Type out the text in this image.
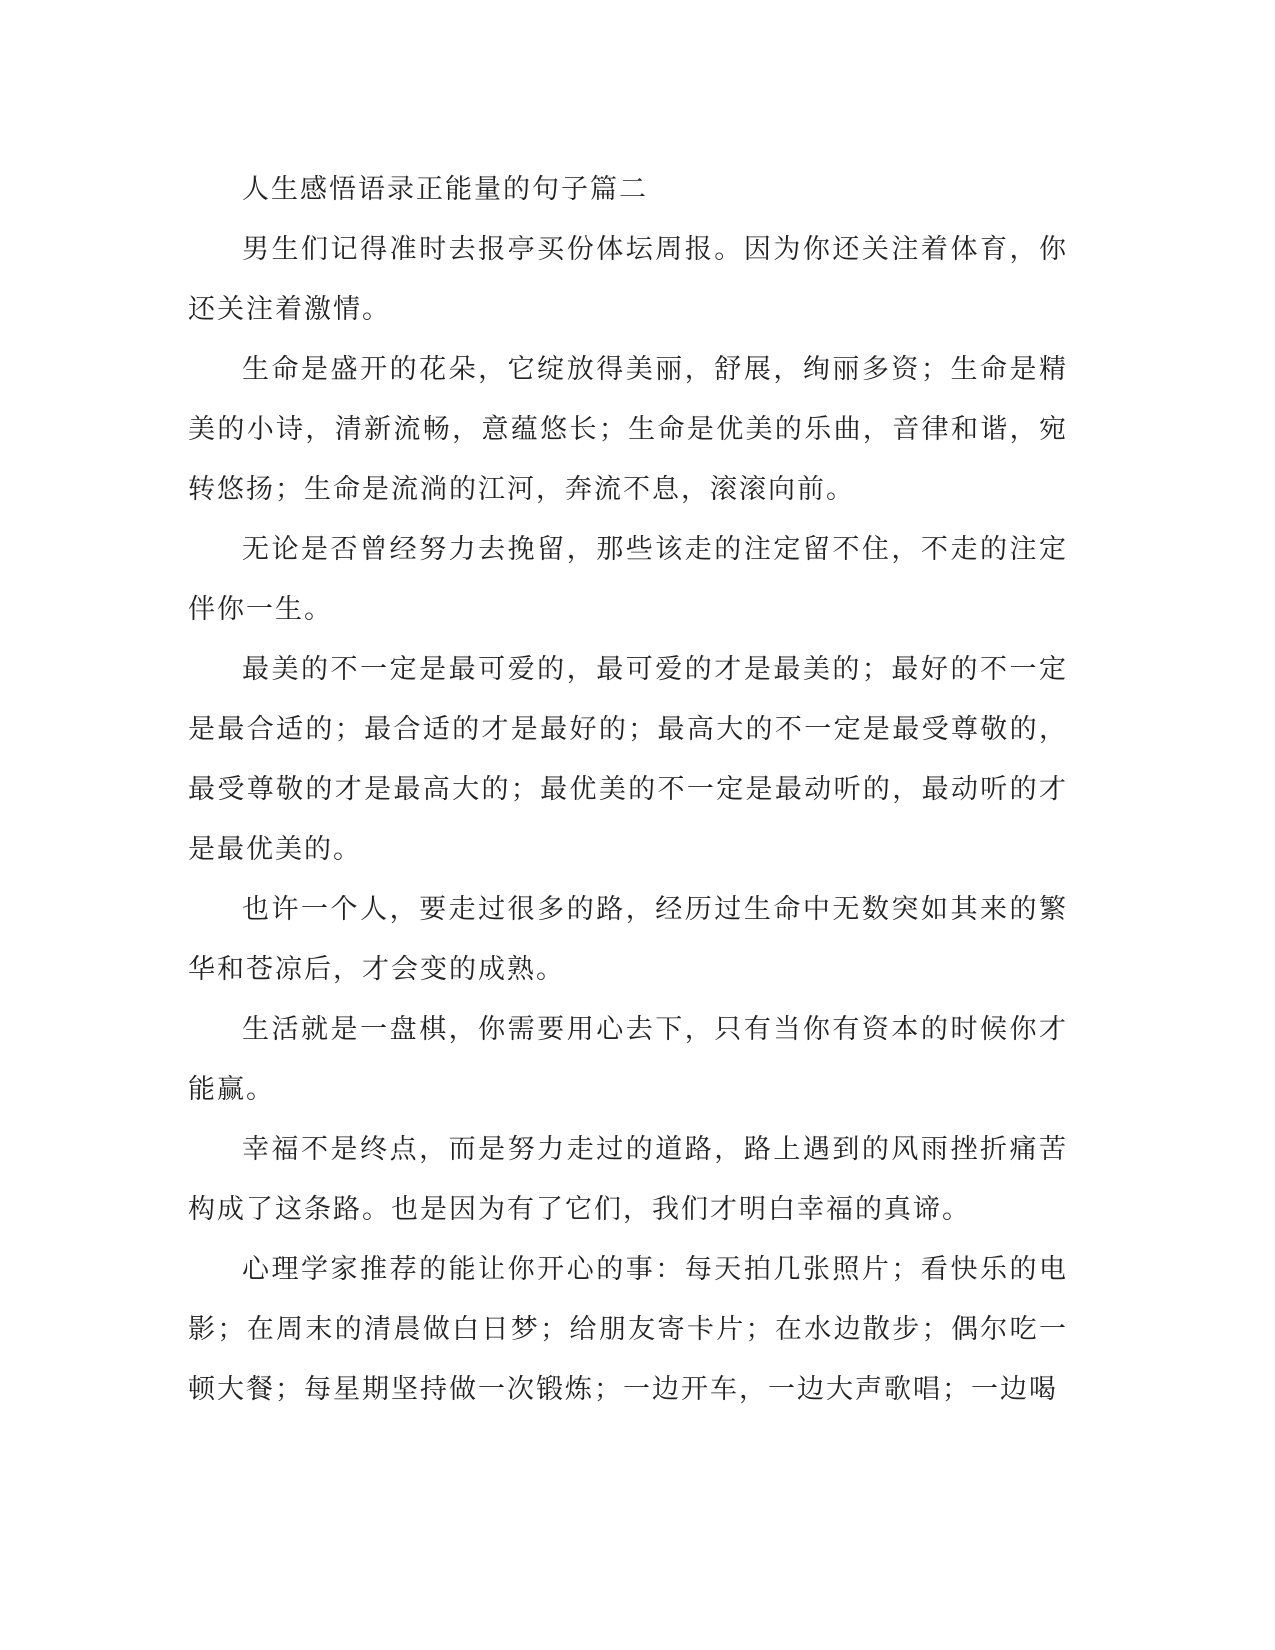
人生感悟语录正能量的句子篇二

男生们记得准时去报亭买份体坛周报。因为你还关注着体育，你还关注着激情。

生命是盛开的花朵，它绽放得美丽，舒展，绚丽多资；生命是精美的小诗，清新流畅，意蕴悠长；生命是优美的乐曲，音律和谐，宛转悠扬；生命是流淌的江河，奔流不息，滚滚向前。

无论是否曾经努力去挽留，那些该走的注定留不住，不走的注定伴你一生。

最美的不一定是最可爱的，最可爱的才是最美的；最好的不一定是最合适的；最合适的才是最好的；最高大的不一定是最受尊敬的，最受尊敬的才是最高大的；最优美的不一定是最动听的，最动听的才是最优美的。

也许一个人，要走过很多的路，经历过生命中无数突如其来的繁华和苍凉后，才会变的成熟。

生活就是一盘棋，你需要用心去下，只有当你有资本的时候你才能赢。

幸福不是终点，而是努力走过的道路，路上遇到的风雨挫折痛苦构成了这条路。也是因为有了它们，我们才明白幸福的真谛。

心理学家推荐的能让你开心的事：每天拍几张照片；看快乐的电影；在周末的清晨做白日梦；给朋友寄卡片；在水边散步；偶尔吃一顿大餐；每星期坚持做一次锻炼；一边开车，一边大声歌唱；一边喝
